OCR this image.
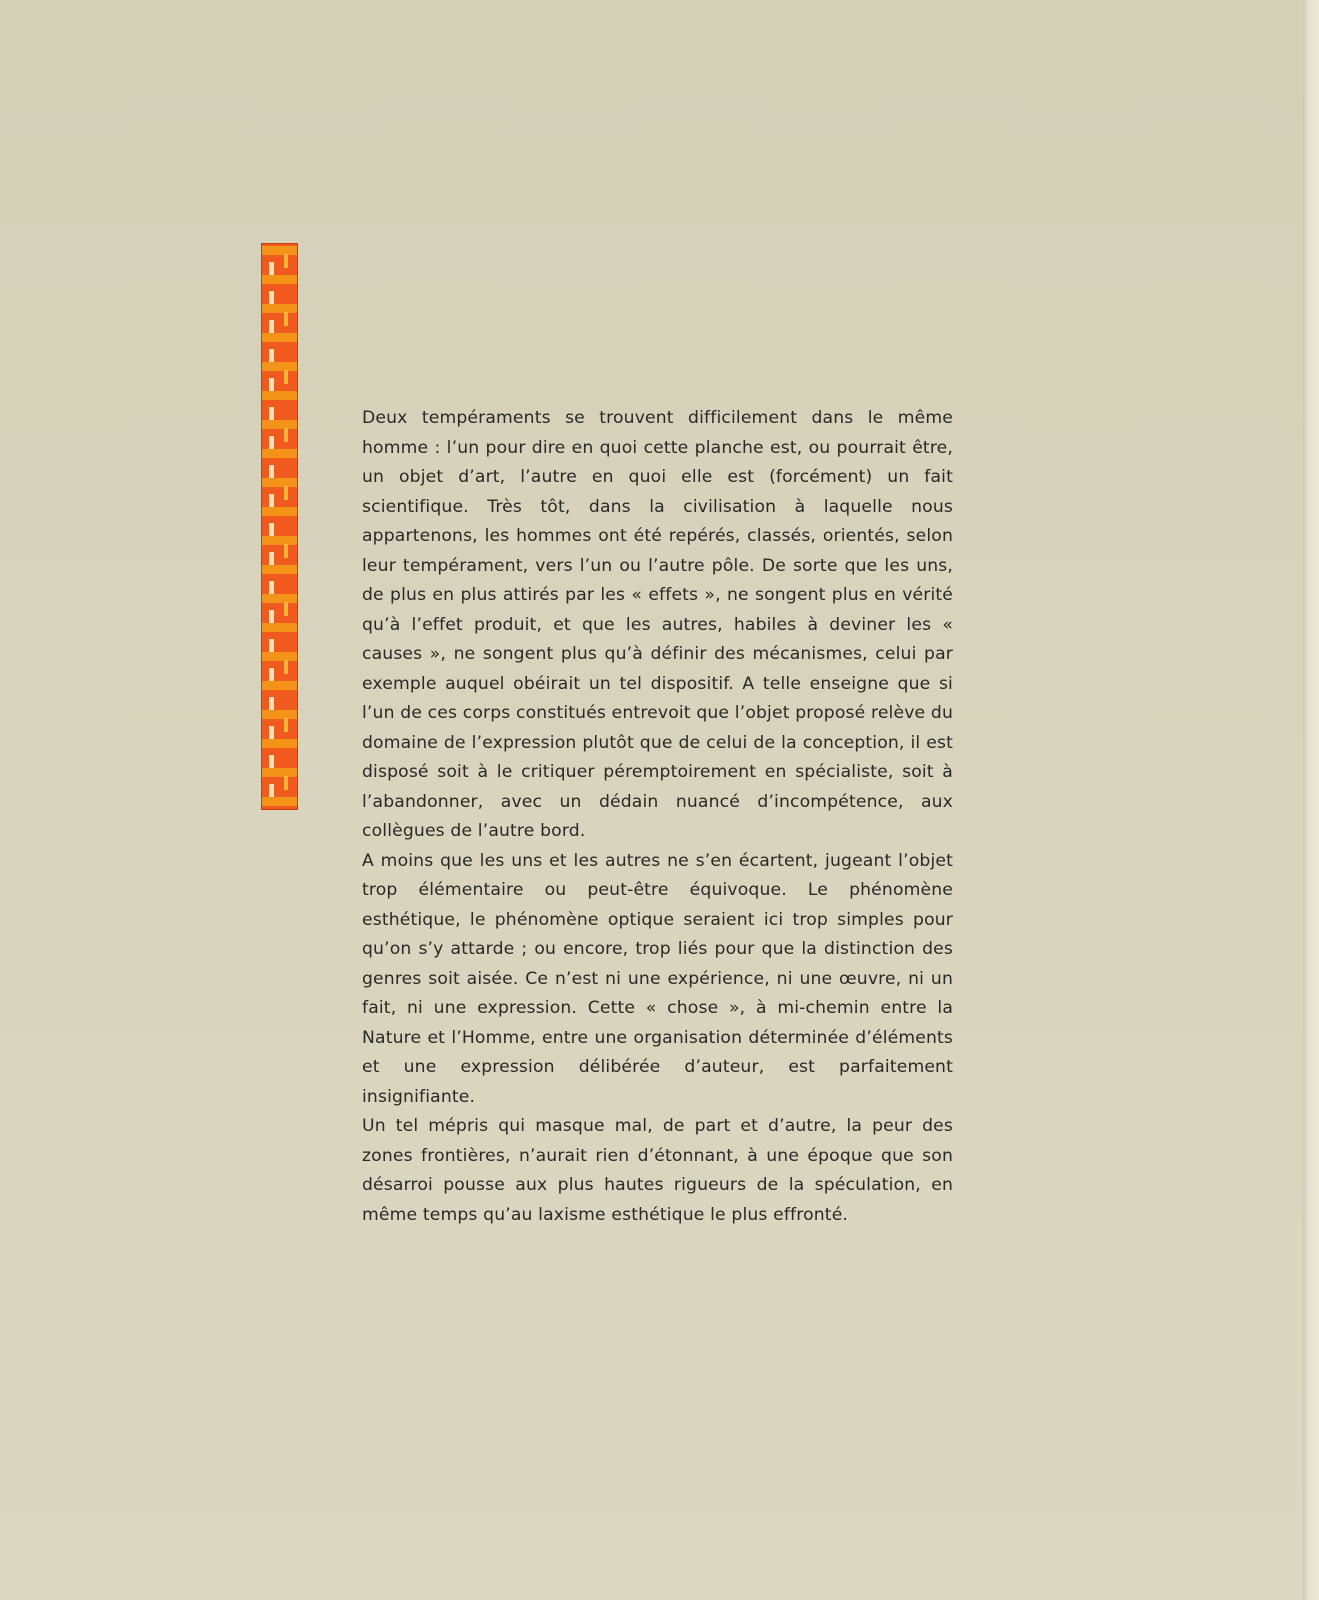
Deux tempéraments se trouvent difficilement dans le même homme : l’un pour dire en quoi cette planche est, ou pourrait être, un objet d’art, l’autre en quoi elle est (forcément) un fait scientifique. Très tôt, dans la civilisation à laquelle nous appartenons, les hommes ont été repérés, classés, orientés, selon leur tempérament, vers l’un ou l’autre pôle. De sorte que les uns, de plus en plus attirés par les « effets », ne songent plus en vérité qu’à l’effet produit, et que les autres, habiles à deviner les « causes », ne songent plus qu’à définir des mécanismes, celui par exemple auquel obéirait un tel dispositif. A telle enseigne que si l’un de ces corps constitués entrevoit que l’objet proposé relève du domaine de l’expression plutôt que de celui de la conception, il est disposé soit à le critiquer péremptoirement en spécialiste, soit à l’abandonner, avec un dédain nuancé d’incompétence, aux collègues de l’autre bord.

A moins que les uns et les autres ne s’en écartent, jugeant l’objet trop élémentaire ou peut-être équivoque. Le phénomène esthétique, le phénomène optique seraient ici trop simples pour qu’on s’y attarde ; ou encore, trop liés pour que la distinction des genres soit aisée. Ce n’est ni une expérience, ni une œuvre, ni un fait, ni une expression. Cette « chose », à mi-chemin entre la Nature et l’Homme, entre une organisation déterminée d’éléments et une expression délibérée d’auteur, est parfaitement insignifiante.

Un tel mépris qui masque mal, de part et d’autre, la peur des zones frontières, n’aurait rien d’étonnant, à une époque que son désarroi pousse aux plus hautes rigueurs de la spéculation, en même temps qu’au laxisme esthétique le plus effronté.
